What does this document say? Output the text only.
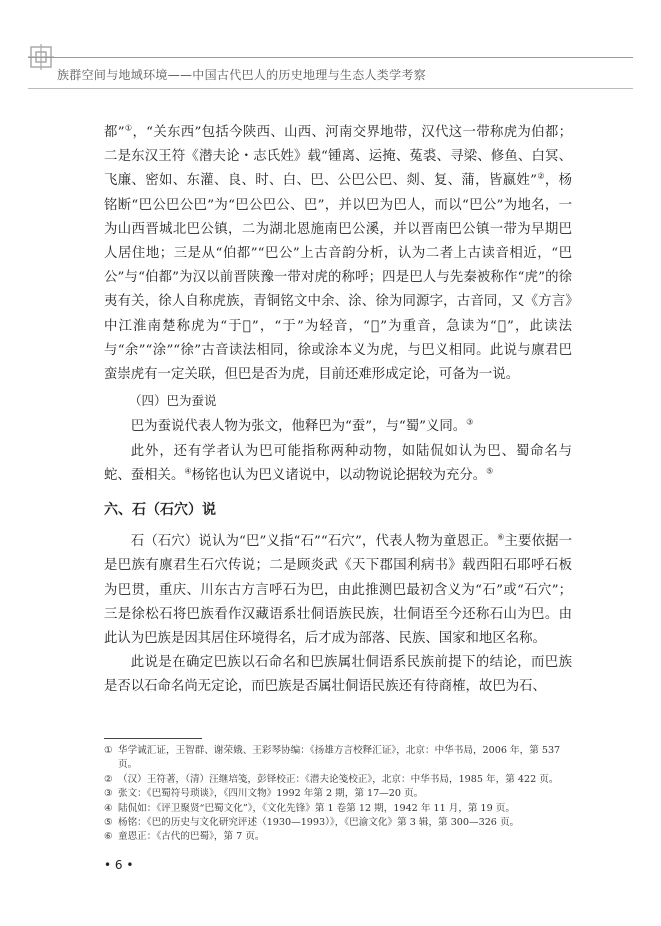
族群空间与地域环境——中国古代巴人的历史地理与生态人类学考察

都”①，“关东西”包括今陕西、山西、河南交界地带，汉代这一带称虎为伯都；二是东汉王符《潜夫论・志氏姓》载“锺离、运掩、菟裘、寻梁、修鱼、白冥、飞廉、密如、东灌、良、时、白、巴、公巴公巴、剡、复、蒲，皆嬴姓”②，杨铭断“巴公巴公巴”为“巴公巴公、巴”，并以巴为巴人，而以“巴公”为地名，一为山西晋城北巴公镇，二为湖北恩施南巴公溪，并以晋南巴公镇一带为早期巴人居住地；三是从“伯都”“巴公”上古音韵分析，认为二者上古读音相近，“巴公”与“伯都”为汉以前晋陕豫一带对虎的称呼；四是巴人与先秦被称作“虎”的徐夷有关，徐人自称虎族，青铜铭文中余、涂、徐为同源字，古音同，又《方言》中江淮南楚称虎为“于𧇖”，“于”为轻音，“𧇖”为重音，急读为“𧆑”，此读法与“余”“涂”“徐”古音读法相同，徐或涂本义为虎，与巴义相同。此说与廪君巴蛮崇虎有一定关联，但巴是否为虎，目前还难形成定论，可备为一说。

（四）巴为蚕说

巴为蚕说代表人物为张文，他释巴为“蚕”，与“蜀”义同。③

此外，还有学者认为巴可能指称两种动物，如陆侃如认为巴、蜀命名与蛇、蚕相关。④杨铭也认为巴义诸说中，以动物说论据较为充分。⑤

六、石（石穴）说

石（石穴）说认为“巴”义指“石”“石穴”，代表人物为童恩正。⑥主要依据一是巴族有廪君生石穴传说；二是顾炎武《天下郡国利病书》载西阳石耶呼石板为巴贯，重庆、川东古方言呼石为巴，由此推测巴最初含义为“石”或“石穴”；三是徐松石将巴族看作汉藏语系壮侗语族民族，壮侗语至今还称石山为巴。由此认为巴族是因其居住环境得名，后才成为部落、民族、国家和地区名称。

此说是在确定巴族以石命名和巴族属壮侗语系民族前提下的结论，而巴族是否以石命名尚无定论，而巴族是否属壮侗语民族还有待商榷，故巴为石、

① 华学诚汇证，王智群、谢荣娥、王彩琴协编：《扬雄方言校释汇证》，北京：中华书局，2006 年，第 537 页。

② （汉）王符著，（清）汪继培笺，彭铎校正：《潜夫论笺校正》，北京：中华书局，1985 年，第 422 页。

③ 张文：《巴蜀符号琐谈》，《四川文物》1992 年第 2 期，第 17—20 页。

④ 陆侃如：《评卫聚贤“巴蜀文化”》，《文化先锋》第 1 卷第 12 期，1942 年 11 月，第 19 页。

⑤ 杨铭：《巴的历史与文化研究评述（1930—1993）》，《巴渝文化》第 3 辑，第 300—326 页。

⑥ 童恩正：《古代的巴蜀》，第 7 页。

• 6 •
